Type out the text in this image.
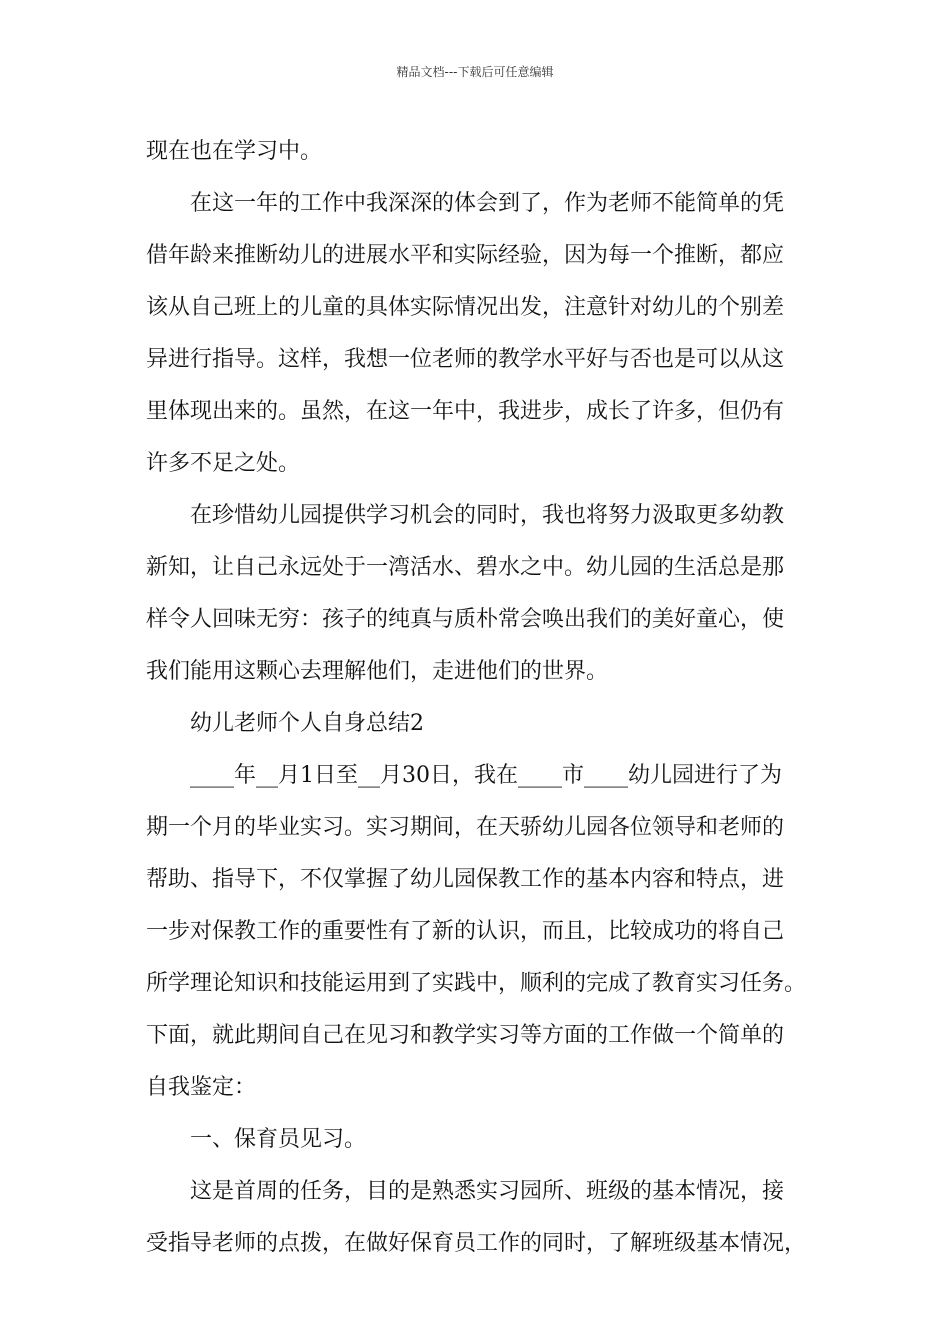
精品文档---下载后可任意编辑
现在也在学习中。
在这一年的工作中我深深的体会到了，作为老师不能简单的凭
借年龄来推断幼儿的进展水平和实际经验，因为每一个推断，都应
该从自己班上的儿童的具体实际情况出发，注意针对幼儿的个别差
异进行指导。这样，我想一位老师的教学水平好与否也是可以从这
里体现出来的。虽然，在这一年中，我进步，成长了许多，但仍有
许多不足之处。
在珍惜幼儿园提供学习机会的同时，我也将努力汲取更多幼教
新知，让自己永远处于一湾活水、碧水之中。幼儿园的生活总是那
样令人回味无穷：孩子的纯真与质朴常会唤出我们的美好童心，使
我们能用这颗心去理解他们，走进他们的世界。
幼儿老师个人自身总结2
____年__月1日至__月30日，我在____市____幼儿园进行了为
期一个月的毕业实习。实习期间，在天骄幼儿园各位领导和老师的
帮助、指导下，不仅掌握了幼儿园保教工作的基本内容和特点，进
一步对保教工作的重要性有了新的认识，而且，比较成功的将自己
所学理论知识和技能运用到了实践中，顺利的完成了教育实习任务。
下面，就此期间自己在见习和教学实习等方面的工作做一个简单的
自我鉴定：
一、保育员见习。
这是首周的任务，目的是熟悉实习园所、班级的基本情况，接
受指导老师的点拨，在做好保育员工作的同时，了解班级基本情况，
